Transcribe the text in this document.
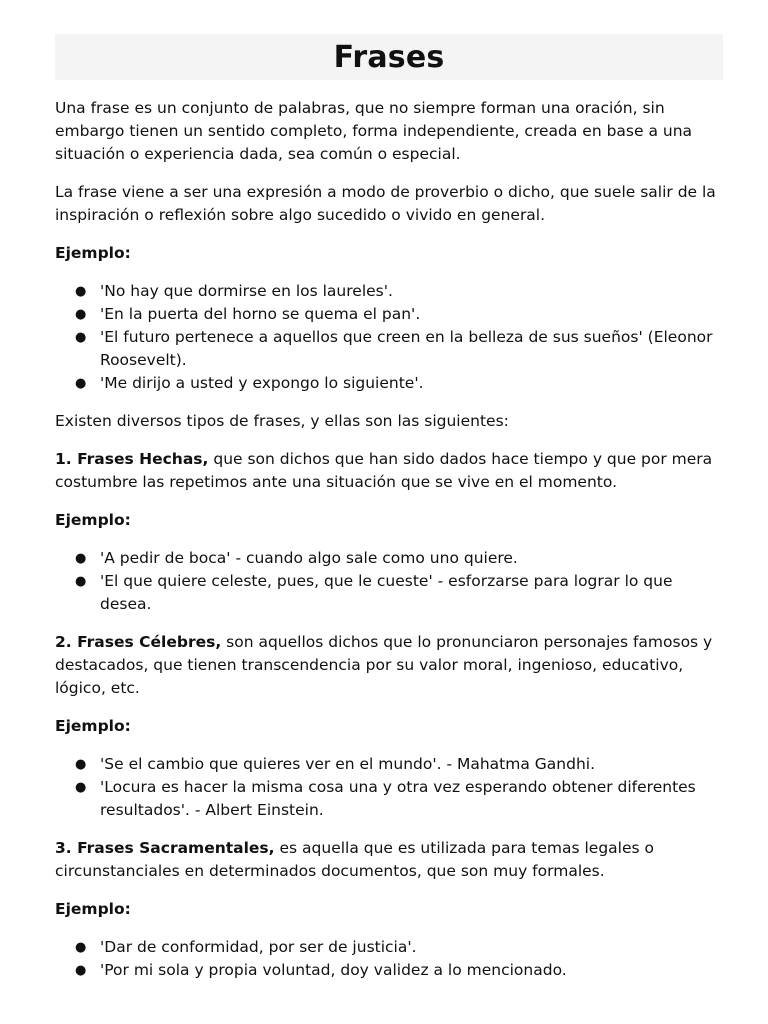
Frases

Una frase es un conjunto de palabras, que no siempre forman una oración, sin embargo tienen un sentido completo, forma independiente, creada en base a una situación o experiencia dada, sea común o especial.

La frase viene a ser una expresión a modo de proverbio o dicho, que suele salir de la inspiración o reflexión sobre algo sucedido o vivido en general.

Ejemplo:

● 'No hay que dormirse en los laureles'.
● 'En la puerta del horno se quema el pan'.
● 'El futuro pertenece a aquellos que creen en la belleza de sus sueños' (Eleonor Roosevelt).
● 'Me dirijo a usted y expongo lo siguiente'.

Existen diversos tipos de frases, y ellas son las siguientes:

1. Frases Hechas, que son dichos que han sido dados hace tiempo y que por mera costumbre las repetimos ante una situación que se vive en el momento.

Ejemplo:

● 'A pedir de boca' - cuando algo sale como uno quiere.
● 'El que quiere celeste, pues, que le cueste' - esforzarse para lograr lo que desea.

2. Frases Célebres, son aquellos dichos que lo pronunciaron personajes famosos y destacados, que tienen transcendencia por su valor moral, ingenioso, educativo, lógico, etc.

Ejemplo:

● 'Se el cambio que quieres ver en el mundo'. - Mahatma Gandhi.
● 'Locura es hacer la misma cosa una y otra vez esperando obtener diferentes resultados'. - Albert Einstein.

3. Frases Sacramentales, es aquella que es utilizada para temas legales o circunstanciales en determinados documentos, que son muy formales.

Ejemplo:

● 'Dar de conformidad, por ser de justicia'.
● 'Por mi sola y propia voluntad, doy validez a lo mencionado.
